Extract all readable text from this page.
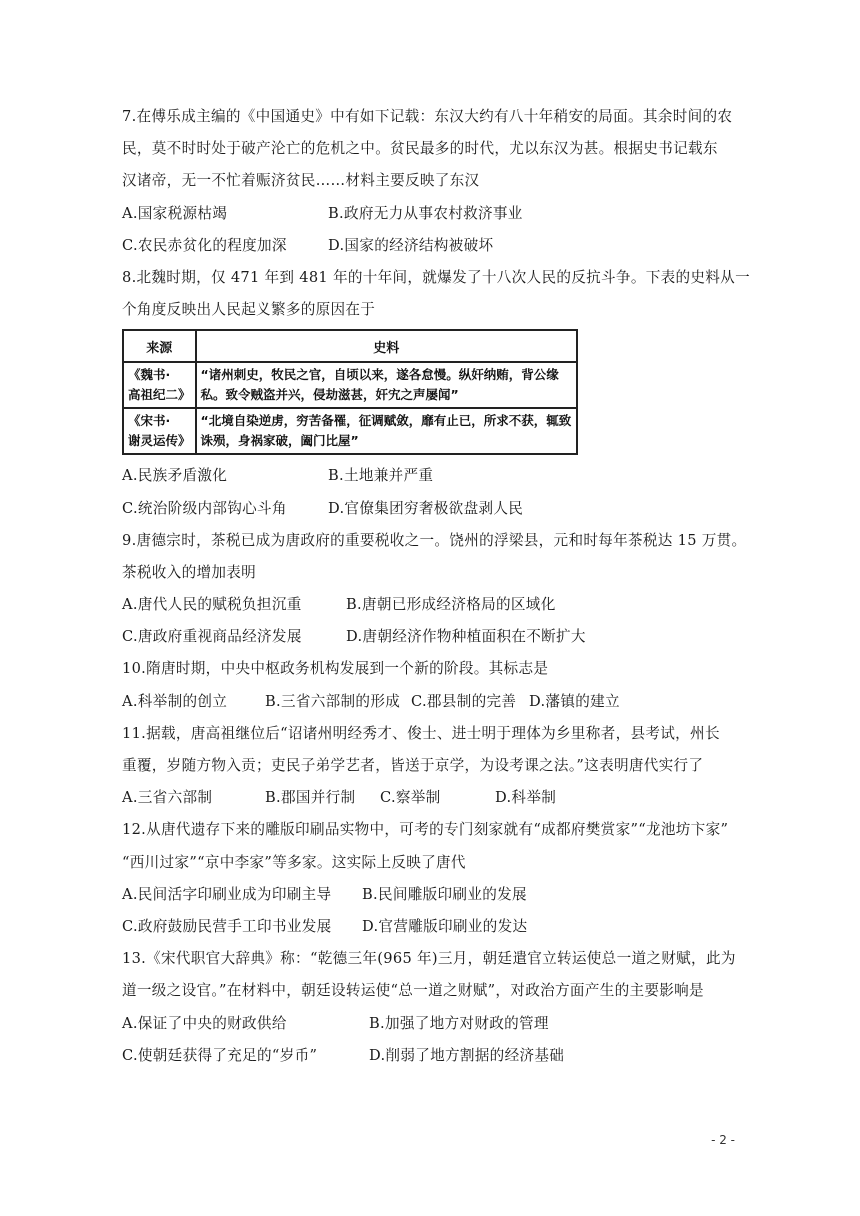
7.在傅乐成主编的《中国通史》中有如下记载：东汉大约有八十年稍安的局面。其余时间的农
民，莫不时时处于破产沦亡的危机之中。贫民最多的时代，尤以东汉为甚。根据史书记载东
汉诸帝，无一不忙着赈济贫民……材料主要反映了东汉
A.国家税源枯竭	B.政府无力从事农村救济事业
C.农民赤贫化的程度加深	D.国家的经济结构被破坏
8.北魏时期，仅 471 年到 481 年的十年间，就爆发了十八次人民的反抗斗争。下表的史料从一
个角度反映出人民起义繁多的原因在于
来源	史料
《魏书·
高祖纪二》	“诸州刺史，牧民之官，自顷以来，遂各怠慢。纵奸纳贿，背公缘私。致令贼盗并兴，侵劫滋甚，奸宄之声屡闻”
《宋书·
谢灵运传》	“北境自染逆虏，穷苦备罹，征调赋敛，靡有止已，所求不获，辄致诛殒，身祸家破，阖门比屋”
A.民族矛盾激化	B.土地兼并严重
C.统治阶级内部钩心斗角	D.官僚集团穷奢极欲盘剥人民
9.唐德宗时，茶税已成为唐政府的重要税收之一。饶州的浮梁县，元和时每年茶税达 15 万贯。
茶税收入的增加表明
A.唐代人民的赋税负担沉重	B.唐朝已形成经济格局的区域化
C.唐政府重视商品经济发展	D.唐朝经济作物种植面积在不断扩大
10.隋唐时期，中央中枢政务机构发展到一个新的阶段。其标志是
A.科举制的创立	B.三省六部制的形成 C.郡县制的完善 D.藩镇的建立
11.据载，唐高祖继位后“诏诸州明经秀才、俊士、进士明于理体为乡里称者，县考试，州长
重覆，岁随方物入贡；吏民子弟学艺者，皆送于京学，为设考课之法。”这表明唐代实行了
A.三省六部制	B.郡国并行制	C.察举制	D.科举制
12.从唐代遗存下来的雕版印刷品实物中，可考的专门刻家就有“成都府樊赏家”“龙池坊卞家”
“西川过家”“京中李家”等多家。这实际上反映了唐代
A.民间活字印刷业成为印刷主导	B.民间雕版印刷业的发展
C.政府鼓励民营手工印书业发展	D.官营雕版印刷业的发达
13.《宋代职官大辞典》称：“乾德三年(965 年)三月，朝廷遣官立转运使总一道之财赋，此为
道一级之设官。”在材料中，朝廷设转运使“总一道之财赋”，对政治方面产生的主要影响是
A.保证了中央的财政供给	B.加强了地方对财政的管理
C.使朝廷获得了充足的“岁币”	D.削弱了地方割据的经济基础
- 2 -
